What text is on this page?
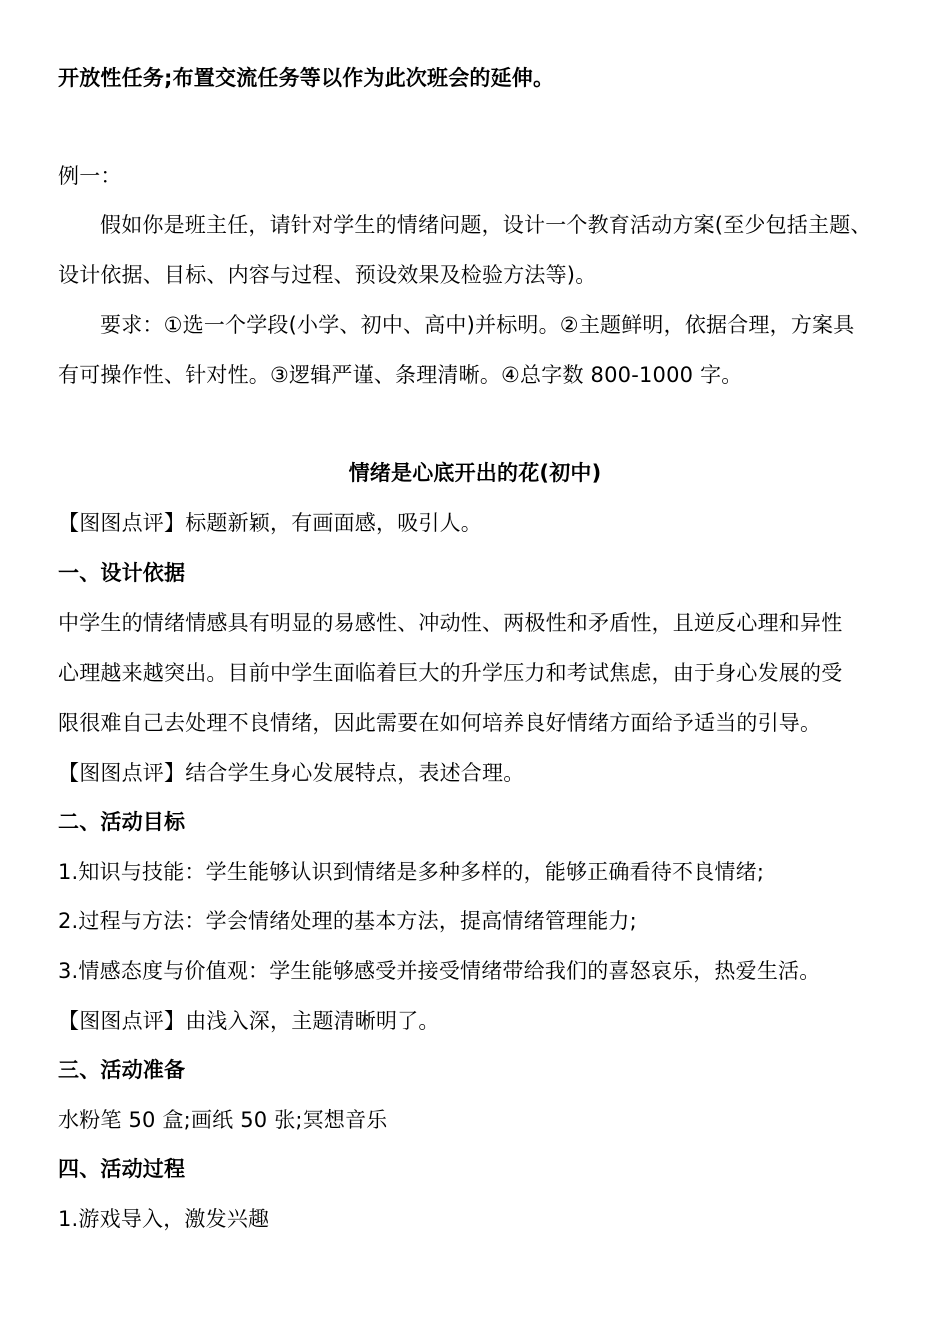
开放性任务;布置交流任务等以作为此次班会的延伸。
例一：
假如你是班主任，请针对学生的情绪问题，设计一个教育活动方案(至少包括主题、
设计依据、目标、内容与过程、预设效果及检验方法等)。
要求：①选一个学段(小学、初中、高中)并标明。②主题鲜明，依据合理，方案具
有可操作性、针对性。③逻辑严谨、条理清晰。④总字数 800-1000 字。
情绪是心底开出的花(初中)
【图图点评】标题新颖，有画面感，吸引人。
一、设计依据
中学生的情绪情感具有明显的易感性、冲动性、两极性和矛盾性，且逆反心理和异性
心理越来越突出。目前中学生面临着巨大的升学压力和考试焦虑，由于身心发展的受
限很难自己去处理不良情绪，因此需要在如何培养良好情绪方面给予适当的引导。
【图图点评】结合学生身心发展特点，表述合理。
二、活动目标
1.知识与技能：学生能够认识到情绪是多种多样的，能够正确看待不良情绪;
2.过程与方法：学会情绪处理的基本方法，提高情绪管理能力;
3.情感态度与价值观：学生能够感受并接受情绪带给我们的喜怒哀乐，热爱生活。
【图图点评】由浅入深，主题清晰明了。
三、活动准备
水粉笔 50 盒;画纸 50 张;冥想音乐
四、活动过程
1.游戏导入，激发兴趣
